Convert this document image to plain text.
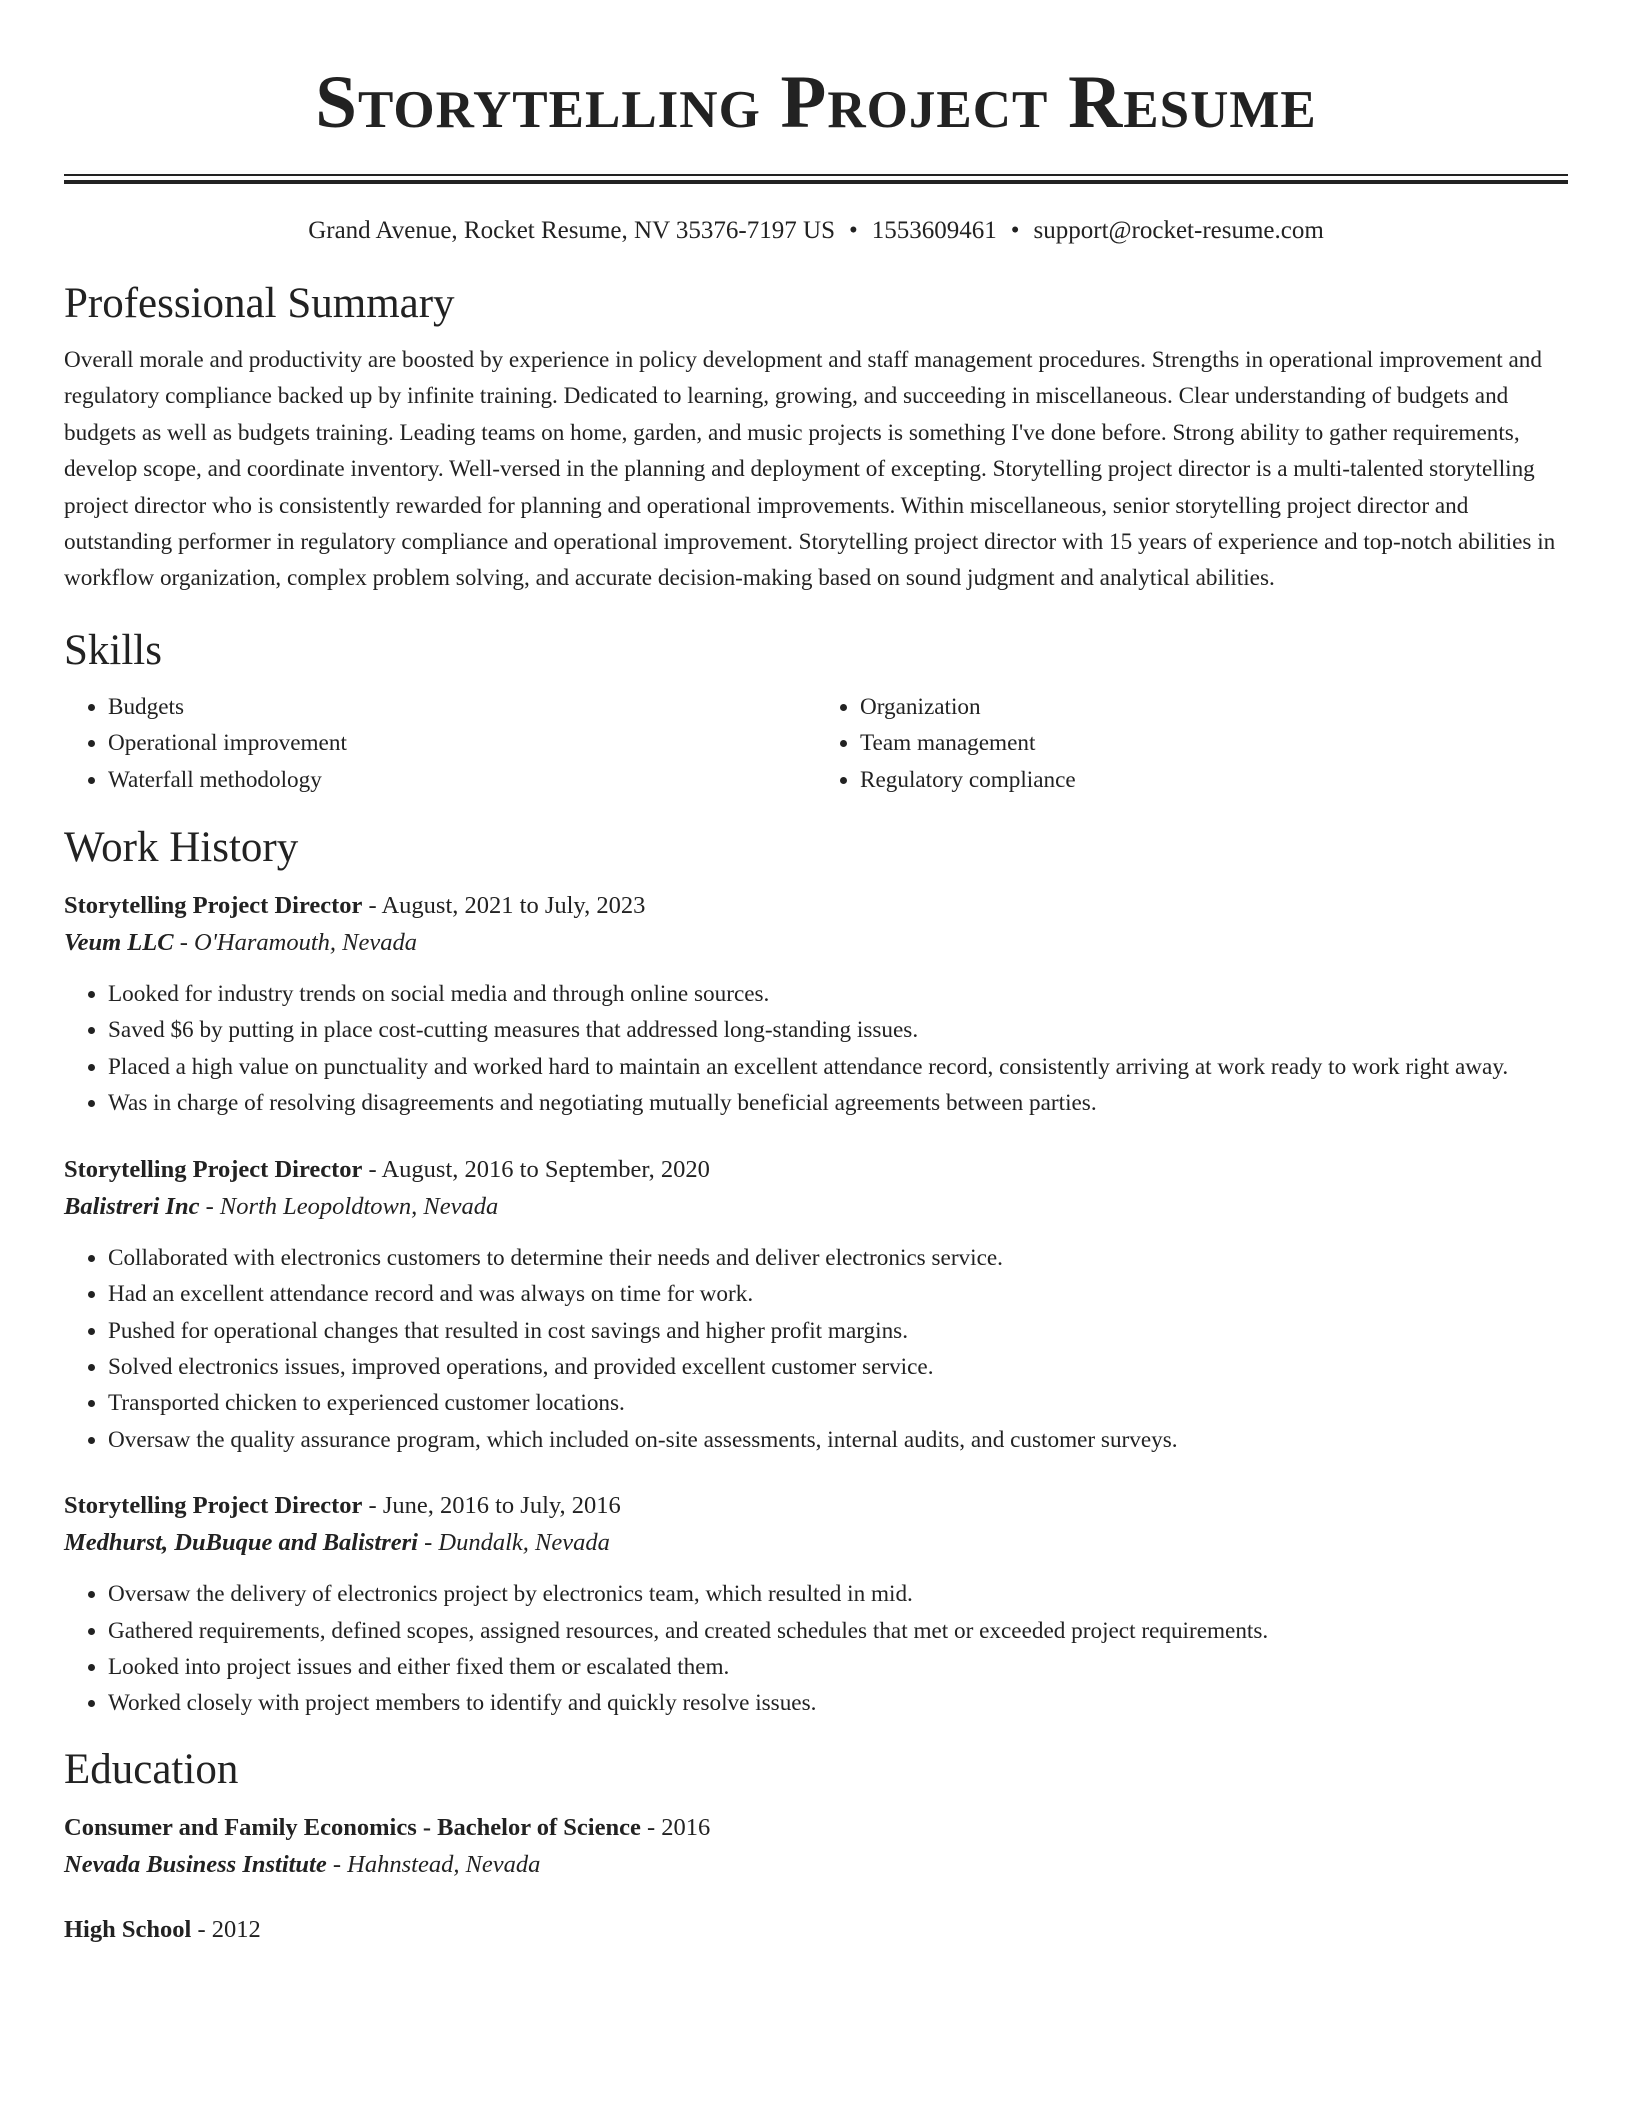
Storytelling Project Resume
Grand Avenue, Rocket Resume, NV 35376-7197 US • 1553609461 • support@rocket-resume.com
Professional Summary

Overall morale and productivity are boosted by experience in policy development and staff management procedures. Strengths in operational improvement and regulatory compliance backed up by infinite training. Dedicated to learning, growing, and succeeding in miscellaneous. Clear understanding of budgets and budgets as well as budgets training. Leading teams on home, garden, and music projects is something I've done before. Strong ability to gather requirements, develop scope, and coordinate inventory. Well-versed in the planning and deployment of excepting. Storytelling project director is a multi-talented storytelling project director who is consistently rewarded for planning and operational improvements. Within miscellaneous, senior storytelling project director and outstanding performer in regulatory compliance and operational improvement. Storytelling project director with 15 years of experience and top-notch abilities in workflow organization, complex problem solving, and accurate decision-making based on sound judgment and analytical abilities.

Skills
• Budgets
• Operational improvement
• Waterfall methodology
• Organization
• Team management
• Regulatory compliance
Work History
Storytelling Project Director - August, 2021 to July, 2023
Veum LLC - O'Haramouth, Nevada
• Looked for industry trends on social media and through online sources.
• Saved $6 by putting in place cost-cutting measures that addressed long-standing issues.
• Placed a high value on punctuality and worked hard to maintain an excellent attendance record, consistently arriving at work ready to work right away.
• Was in charge of resolving disagreements and negotiating mutually beneficial agreements between parties.
Storytelling Project Director - August, 2016 to September, 2020
Balistreri Inc - North Leopoldtown, Nevada
• Collaborated with electronics customers to determine their needs and deliver electronics service.
• Had an excellent attendance record and was always on time for work.
• Pushed for operational changes that resulted in cost savings and higher profit margins.
• Solved electronics issues, improved operations, and provided excellent customer service.
• Transported chicken to experienced customer locations.
• Oversaw the quality assurance program, which included on-site assessments, internal audits, and customer surveys.
Storytelling Project Director - June, 2016 to July, 2016
Medhurst, DuBuque and Balistreri - Dundalk, Nevada
• Oversaw the delivery of electronics project by electronics team, which resulted in mid.
• Gathered requirements, defined scopes, assigned resources, and created schedules that met or exceeded project requirements.
• Looked into project issues and either fixed them or escalated them.
• Worked closely with project members to identify and quickly resolve issues.
Education
Consumer and Family Economics - Bachelor of Science - 2016
Nevada Business Institute - Hahnstead, Nevada
High School - 2012
